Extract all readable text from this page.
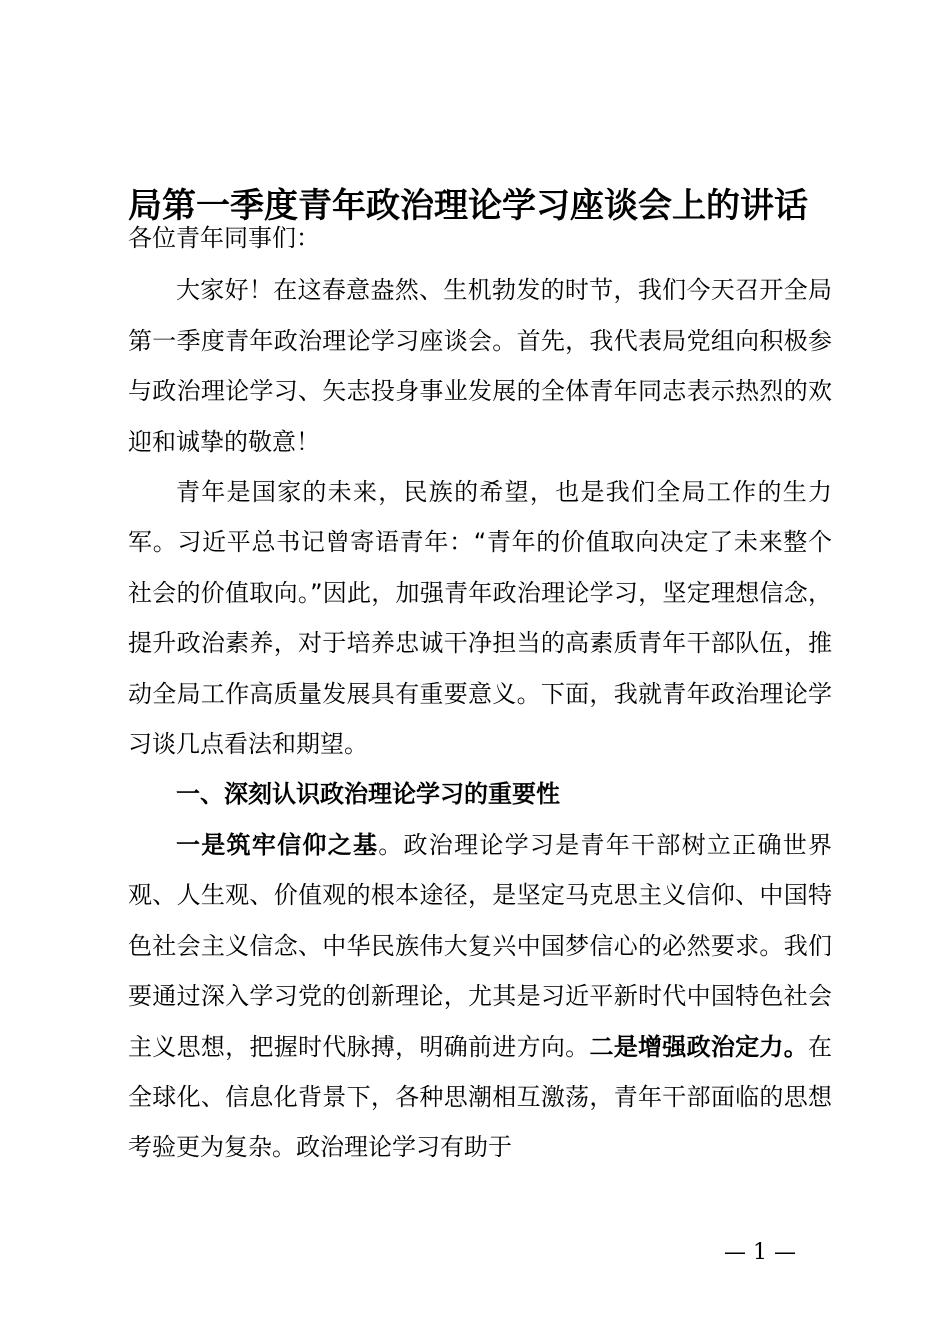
局第一季度青年政治理论学习座谈会上的讲话

各位青年同事们：

大家好！在这春意盎然、生机勃发的时节，我们今天召开全局第一季度青年政治理论学习座谈会。首先，我代表局党组向积极参与政治理论学习、矢志投身事业发展的全体青年同志表示热烈的欢迎和诚挚的敬意！

青年是国家的未来，民族的希望，也是我们全局工作的生力军。习近平总书记曾寄语青年：“青年的价值取向决定了未来整个社会的价值取向。”因此，加强青年政治理论学习，坚定理想信念，提升政治素养，对于培养忠诚干净担当的高素质青年干部队伍，推动全局工作高质量发展具有重要意义。下面，我就青年政治理论学习谈几点看法和期望。

一、深刻认识政治理论学习的重要性

一是筑牢信仰之基。政治理论学习是青年干部树立正确世界观、人生观、价值观的根本途径，是坚定马克思主义信仰、中国特色社会主义信念、中华民族伟大复兴中国梦信心的必然要求。我们要通过深入学习党的创新理论，尤其是习近平新时代中国特色社会主义思想，把握时代脉搏，明确前进方向。二是增强政治定力。在全球化、信息化背景下，各种思潮相互激荡，青年干部面临的思想考验更为复杂。政治理论学习有助于

— 1 —
